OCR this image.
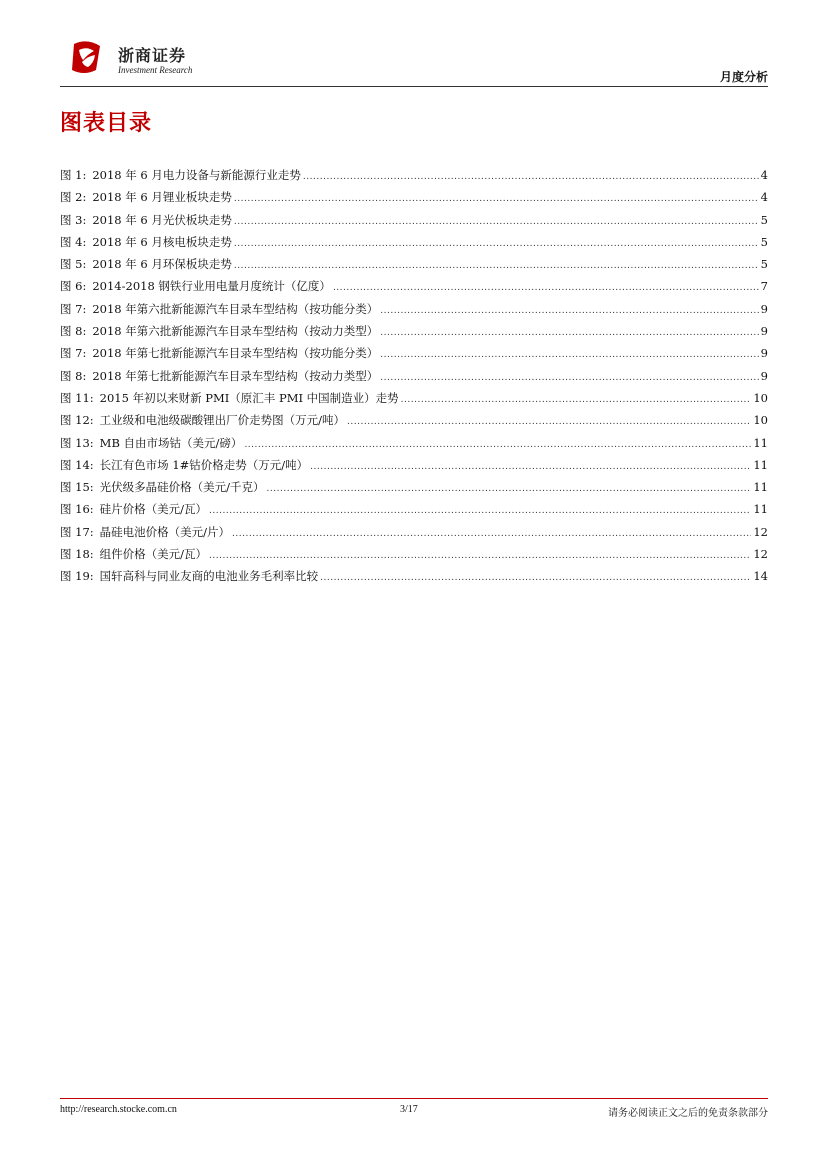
浙商证券
Investment Research	月度分析
图表目录
图 1: 2018 年 6 月电力设备与新能源行业走势 .....	4
图 2: 2018 年 6 月锂业板块走势 .....	4
图 3: 2018 年 6 月光伏板块走势 .....	5
图 4: 2018 年 6 月核电板块走势 .....	5
图 5: 2018 年 6 月环保板块走势 .....	5
图 6: 2014-2018 钢铁行业用电量月度统计（亿度） .....	7
图 7: 2018 年第六批新能源汽车目录车型结构（按功能分类） .....	9
图 8: 2018 年第六批新能源汽车目录车型结构（按动力类型） .....	9
图 7: 2018 年第七批新能源汽车目录车型结构（按功能分类） .....	9
图 8: 2018 年第七批新能源汽车目录车型结构（按动力类型） .....	9
图 11: 2015 年初以来财新 PMI（原汇丰 PMI 中国制造业）走势 .....	10
图 12: 工业级和电池级碳酸锂出厂价走势图（万元/吨） .....	10
图 13: MB 自由市场钴（美元/磅） .....	11
图 14: 长江有色市场 1#钴价格走势（万元/吨） .....	11
图 15: 光伏级多晶硅价格（美元/千克） .....	11
图 16: 硅片价格（美元/瓦） .....	11
图 17: 晶硅电池价格（美元/片） .....	12
图 18: 组件价格（美元/瓦） .....	12
图 19: 国轩高科与同业友商的电池业务毛利率比较 .....	14
http://research.stocke.com.cn	3/17	请务必阅读正文之后的免责条款部分
